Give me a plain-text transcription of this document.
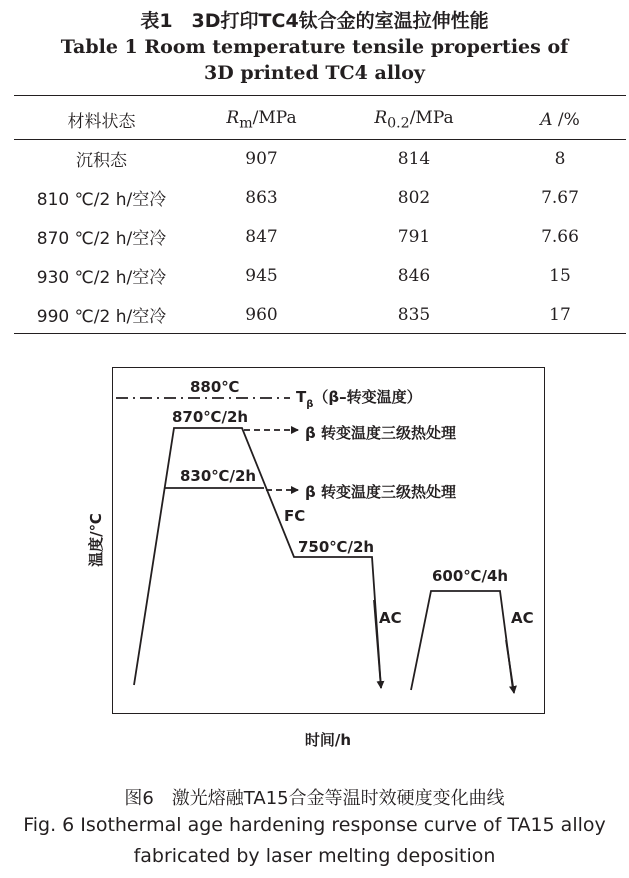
表1　3D打印TC4钛合金的室温拉伸性能
Table 1 Room temperature tensile properties of
3D printed TC4 alloy
材料状态	$R_m$/MPa	$R_{0.2}$/MPa	A /%
沉积态	907	814	8
810 ℃/2 h/空冷	863	802	7.67
870 ℃/2 h/空冷	847	791	7.66
930 ℃/2 h/空冷	945	846	15
990 ℃/2 h/空冷	960	835	17
880℃
$T_\beta(\beta-$转变温度）
870℃/2h
β 转变温度三级热处理
830℃/2h
β 转变温度三级热处理
FC
750℃/2h
AC
600℃/4h
AC
温度/℃
时间/h
图6　激光熔融TA15合金等温时效硬度变化曲线
Fig. 6 Isothermal age hardening response curve of TA15 alloy
fabricated by laser melting deposition
